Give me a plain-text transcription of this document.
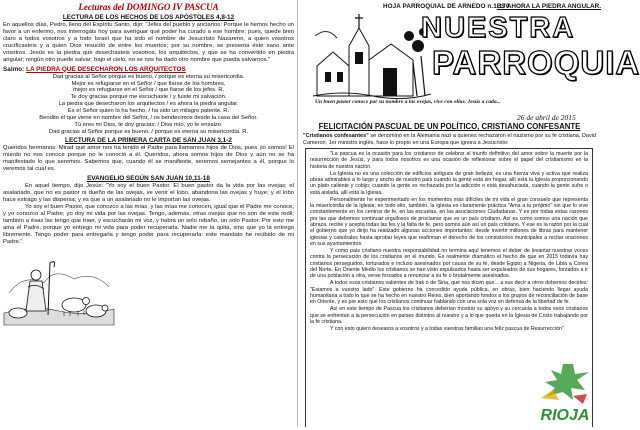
Lecturas del DOMINGO IV PASCUA
LECTURA DE LOS HECHOS DE LOS APÓSTOLES 4,8-12
En aquellos días, Pedro, lleno del Espíritu Santo, dijo: "Jefes del pueblo y ancianos: Porque le hemos hecho un favor a un enfermo, nos interrogáis hoy para averiguar qué poder ha curado a ese hombre; pues, quede bien claro a todos vosotros y a todo Israel que ha sido el nombre de Jesucristo Nazareno, a quien vosotros crucificasteis y a quien Dios resucitó de entre los muertos; por su nombre, se presenta éste sano ante vosotros. Jesús es la piedra que desechasteis vosotros, los arquitectos, y que se ha convertido en piedra angular; ningún otro puede salvar; bajo el cielo, no se nos ha dado otro nombre que pueda salvarnos."
Salmo: LA PIEDRA QUE DESECHARON LOS ARQUITECTOS
ES AHORA LA PIEDRA ANGULAR.
Dad gracias al Señor porque es bueno, / porque es eterna su misericordia.
Mejor es refugiarse en el Señor / que fiarse de los hombres,
mejor es refugiarse en el Señor / que fiarse de los jefes. R.
Te doy gracias porque me escuchaste / y fuiste mi salvación.
La piedra que desecharon los arquitectos / es ahora la piedra angular.
Es el Señor quien lo ha hecho, / ha sido un milagro patente. R.
Bendito el que viene en nombre del Señor, / os bendecimos desde la casa del Señor.
Tú eres mi Dios, te doy gracias; / Dios mío, yo te ensalzo.
Dad gracias al Señor porque es bueno, / porque es eterna su misericordia. R.
LECTURA DE LA PRIMERA CARTA DE SAN JUAN 3,1-2
Queridos hermanos: Mirad qué amor nos ha tenido el Padre para llamarnos hijos de Dios, pues ¡lo somos! El mundo no nos conoce porque no le conoció a él. Queridos, ahora somos hijos de Dios y aún no se ha manifestado lo que seremos. Sabemos que, cuando él se manifieste, seremos semejantes a él, porque lo veremos tal cual es.
EVANGELIO SEGÚN SAN JUAN 10,11-18
En aquel tiempo, dijo Jesús: "Yo soy el buen Pastor. El buen pastor da la vida por las ovejas; el asalariado, que no es pastor ni dueño de las ovejas, ve venir el lobo, abandona las ovejas y huye; y el lobo hace estrago y las dispersa; y es que a un asalariado no le importan las ovejas.
Yo soy el buen Pastor, que conozco a las mías, y las mías me conocen, igual que el Padre me conoce, y yo conozco al Padre; yo doy mi vida por las ovejas. Tengo, además, otras ovejas que no son de este redil; también a ésas las tengo que traer, y escucharán mi voz, y habrá un solo rebaño, un solo Pastor. Por esto me ama el Padre, porque yo entrego mi vida para poder recuperarla. Nadie me la quita, sino que yo la entrego libremente. Tengo poder para entregarla y tengo poder para recuperarla: este mandato he recibido de mi Padre."
HOJA PARROQUIAL DE ARNEDO n.1.170
NUESTRA
PARROQUIA
Un buen pastor conoce por su nombre a las ovejas, vive con ellas. Jesús a cada...
26 de abril de 2015
FELICITACIÓN PASCUAL DE UN POLÍTICO, CRISTIANO CONFESANTE
"Cristianos confesantes" se denominó en la Alemania nazi a quienes rechazaron el nazismo por su fe cristiana. David Cameron, 1er ministro inglés, hace lo propio en una Europa que ignora a Jesucristo:

"La pascua es la ocasión para los cristianos de celebrar el triunfo definitivo del amor sobre la muerte por la resurrección de Jesús, y para todos nosotros es una ocasión de reflexionar sobre el papel del cristianismo en la historia de nuestra nación.

La Iglesia no es una colección de edificios antiguos de gran belleza; es una fuerza viva y activa que realiza obras admirables a lo largo y ancho de nuestro país cuando la gente está sin hogar, allí está la Iglesia proporcionando un plato caliente y cobijo; cuando la gente es rechazada por la adicción o está desahuciada, cuando la gente sufre o está aislada, allí está la Iglesia.

Personalmente he experimentado en los momentos más difíciles de mi vida el gran consuelo que representa la misericordia de la Iglesia; en todo ello, también, la iglesia es claramente práctica "Ama a tu prójimo" sin que lo vive constantemente en los centros de fe, en las escuelas, en las asociaciones Ciudadanas. Y es por todas estas razones por las que debemos continuar orgullosos de proclamar que es un país cristiano. Así es como somos una nación que abraza, recibe y acepta todas las fes y la falta de fe, pero somos aún así un país cristiano. Y ese es la razón por la cual el gobierno que yo dirijo ha realizado algunas acciones importantes: desde invertir millones de libras para mantener iglesias y catedrales hasta aprobar leyes que reafirman el derecho de los consistorios municipales a recitar oraciones en sus ayuntamientos.

Y como país cristiano nuestra responsabilidad no termina aquí tenemos el deber de levantar nuestras voces contra la persecución de los cristianos en el mundo. Es realmente dramático el hecho de que en 2015 todavía hay cristianos perseguidos, torturados e incluso asesinados por causa de su fe, desde Egipto a Nigeria, de Libia a Corea del Norte. En Oriente Medio los cristianos se han visto expulsados hasta ser expulsados de sus hogares, forzados a ir de una población a otra, verse forzados a renunciar a su fe o brutalmente asesinados.

A todos esos cristianos valientes de Irak o de Siria, que nos dicen que... a sus decir a otros debemos decirles: "Estamos a vuestro lado". Este gobierno ha concedido ayuda pública, en obras, bien haciendo llegar ayuda humanitaria a todo lo que se ha hecho en nuestro Reino, bien aportando fondos a los grupos de reconciliación de base en Oriente, y es por esto que los cristianos continuar hablando con una sola voz en defensa de la libertad de fe.

Así en este tiempo de Pascua los cristianos deberían mostrar su apoyo y su cercanía a todos esos cristianos que se enfrentan a la persecución en países distintos al nuestro y a lo que queda en la Iglesia de Cristo trabajando por la fe cristiana.

Y con esto quiero desearos a vosotros y a todas vuestras familias una feliz pascua de Resurrección"

RIOJA
